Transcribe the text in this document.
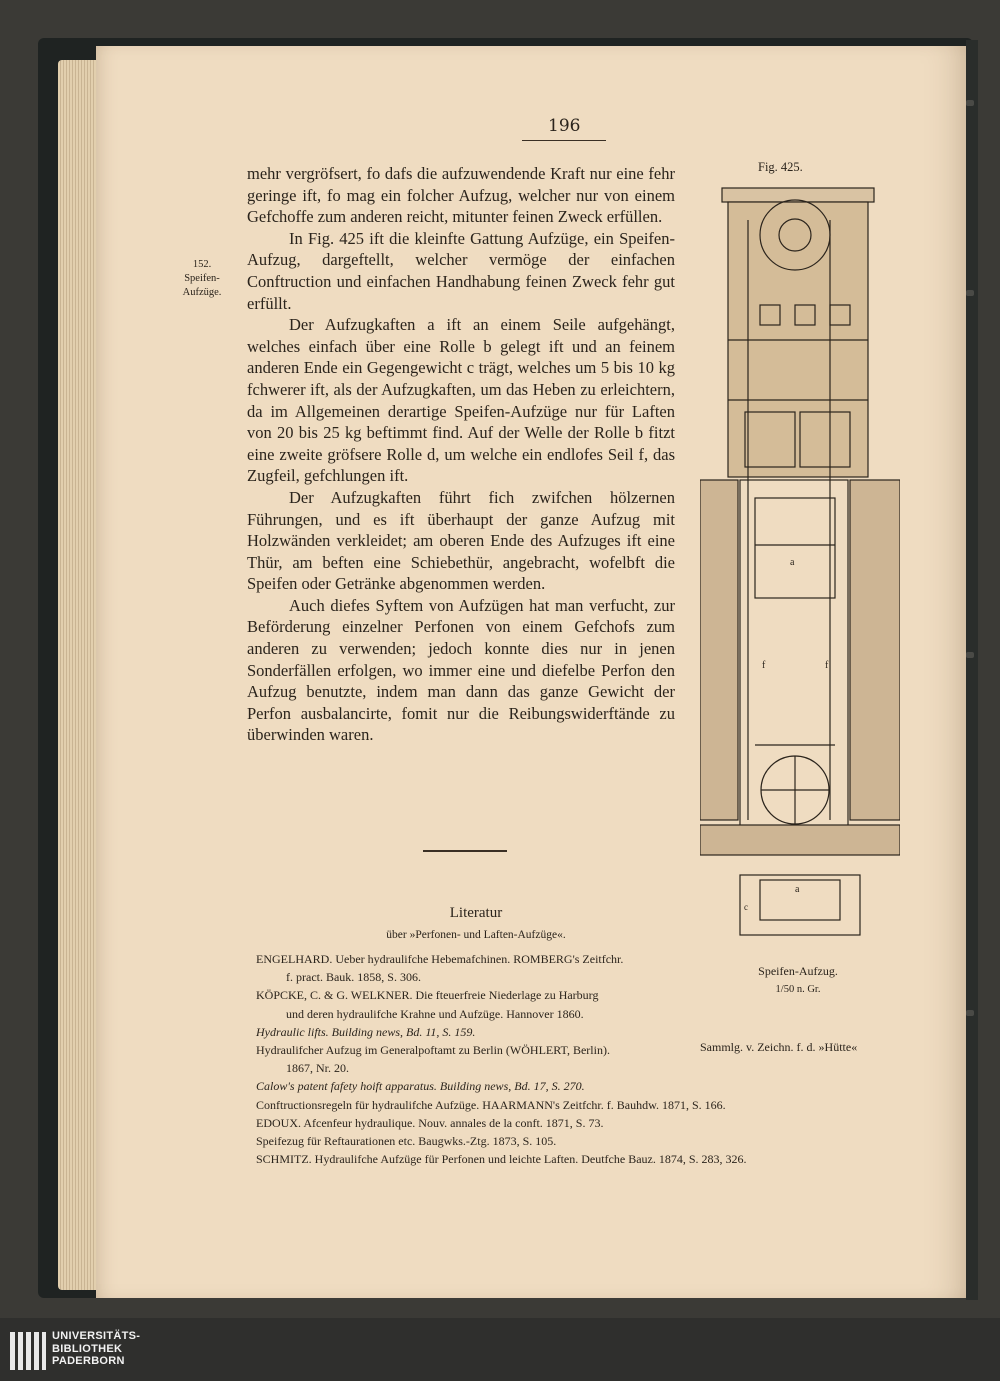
196
152.
Speifen-
Aufzüge.

mehr vergröfsert, fo dafs die aufzuwendende Kraft nur eine fehr geringe ift, fo mag ein folcher Aufzug, welcher nur von einem Gefchoffe zum anderen reicht, mitunter feinen Zweck erfüllen.

In Fig. 425 ift die kleinfte Gattung Aufzüge, ein Speifen-Aufzug, dargeftellt, welcher vermöge der einfachen Conftruction und einfachen Handhabung feinen Zweck fehr gut erfüllt.

Der Aufzugkaften a ift an einem Seile aufgehängt, welches einfach über eine Rolle b gelegt ift und an feinem anderen Ende ein Gegengewicht c trägt, welches um 5 bis 10 kg fchwerer ift, als der Aufzugkaften, um das Heben zu erleichtern, da im Allgemeinen derartige Speifen-Aufzüge nur für Laften von 20 bis 25 kg beftimmt find. Auf der Welle der Rolle b fitzt eine zweite gröfsere Rolle d, um welche ein endlofes Seil f, das Zugfeil, gefchlungen ift.

Der Aufzugkaften führt fich zwifchen hölzernen Führungen, und es ift überhaupt der ganze Aufzug mit Holzwänden verkleidet; am oberen Ende des Aufzuges ift eine Thür, am beften eine Schiebethür, angebracht, wofelbft die Speifen oder Getränke abgenommen werden.

Auch diefes Syftem von Aufzügen hat man verfucht, zur Beförderung einzelner Perfonen von einem Gefchofs zum anderen zu verwenden; jedoch konnte dies nur in jenen Sonderfällen erfolgen, wo immer eine und diefelbe Perfon den Aufzug benutzte, indem man dann das ganze Gewicht der Perfon ausbalancirte, fomit nur die Reibungswiderftände zu überwinden waren.

Literatur
über »Perfonen- und Laften-Aufzüge«.
ENGELHARD. Ueber hydraulifche Hebemafchinen. ROMBERG's Zeitfchr.
f. pract. Bauk. 1858, S. 306.
KÖPCKE, C. & G. WELKNER. Die fteuerfreie Niederlage zu Harburg
und deren hydraulifche Krahne und Aufzüge. Hannover 1860.
Hydraulic lifts. Building news, Bd. 11, S. 159.
Hydraulifcher Aufzug im Generalpoftamt zu Berlin (WÖHLERT, Berlin).
1867, Nr. 20.
Calow's patent fafety hoift apparatus. Building news, Bd. 17, S. 270.
Conftructionsregeln für hydraulifche Aufzüge. HAARMANN's Zeitfchr. f. Bauhdw. 1871, S. 166.
EDOUX. Afcenfeur hydraulique. Nouv. annales de la conft. 1871, S. 73.
Speifezug für Reftaurationen etc. Baugwks.-Ztg. 1873, S. 105.
SCHMITZ. Hydraulifche Aufzüge für Perfonen und leichte Laften. Deutfche Bauz. 1874, S. 283, 326.
Fig. 425.
a
f	f
a
c
Speifen-Aufzug.
1/50 n. Gr.
Sammlg. v. Zeichn. f. d. »Hütte«
UNIVERSITÄTS-
BIBLIOTHEK
PADERBORN
